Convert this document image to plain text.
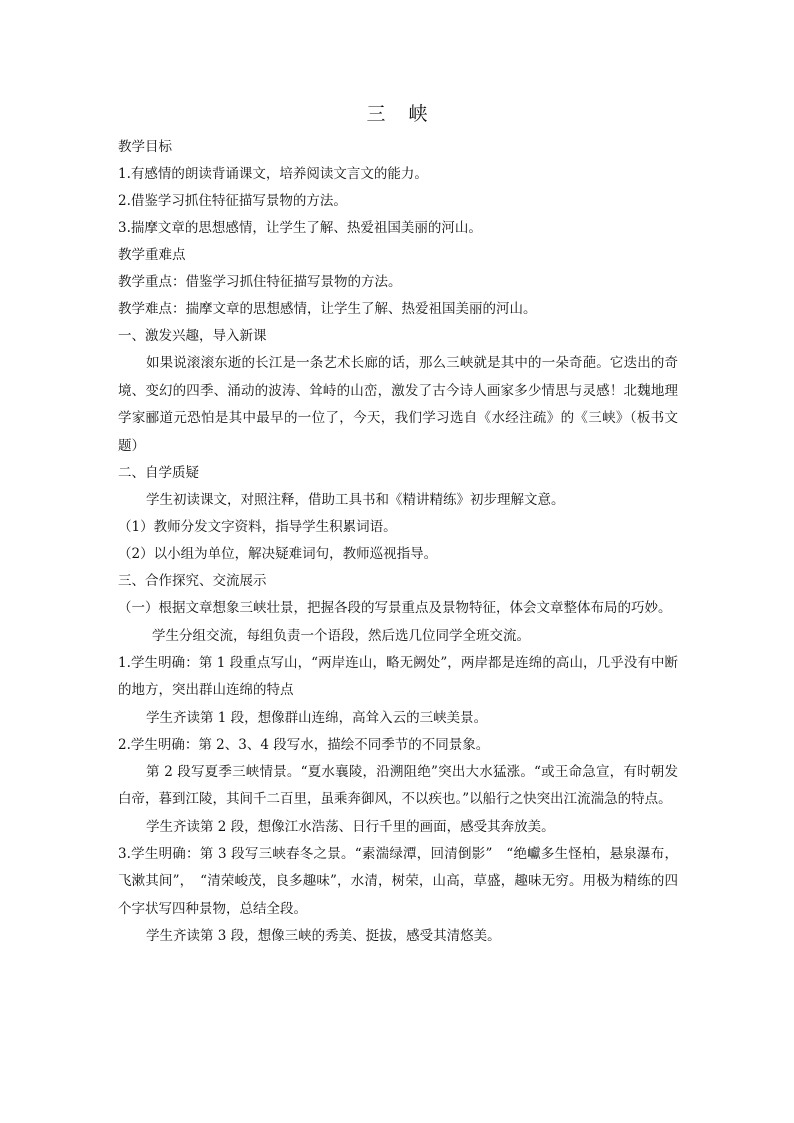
三　峡
教学目标
1.有感情的朗读背诵课文，培养阅读文言文的能力。
2.借鉴学习抓住特征描写景物的方法。
3.揣摩文章的思想感情，让学生了解、热爱祖国美丽的河山。
教学重难点
教学重点：借鉴学习抓住特征描写景物的方法。
教学难点：揣摩文章的思想感情，让学生了解、热爱祖国美丽的河山。
一、激发兴趣，导入新课
如果说滚滚东逝的长江是一条艺术长廊的话，那么三峡就是其中的一朵奇葩。它迭出的奇境、变幻的四季、涌动的波涛、耸峙的山峦，激发了古今诗人画家多少情思与灵感！北魏地理学家郦道元恐怕是其中最早的一位了，今天，我们学习选自《水经注疏》的《三峡》（板书文题）
二、自学质疑
学生初读课文，对照注释，借助工具书和《精讲精练》初步理解文意。
（1）教师分发文字资料，指导学生积累词语。
（2）以小组为单位，解决疑难词句，教师巡视指导。
三、合作探究、交流展示
（一）根据文章想象三峡壮景，把握各段的写景重点及景物特征，体会文章整体布局的巧妙。
学生分组交流，每组负责一个语段，然后选几位同学全班交流。
1.学生明确：第 1 段重点写山，“两岸连山，略无阙处”，两岸都是连绵的高山，几乎没有中断的地方，突出群山连绵的特点
学生齐读第 1 段，想像群山连绵，高耸入云的三峡美景。
2.学生明确：第 2、3、4 段写水，描绘不同季节的不同景象。
第 2 段写夏季三峡情景。“夏水襄陵，沿溯阻绝”突出大水猛涨。“或王命急宣，有时朝发白帝，暮到江陵，其间千二百里，虽乘奔御风，不以疾也。”以船行之快突出江流湍急的特点。
学生齐读第 2 段，想像江水浩荡、日行千里的画面，感受其奔放美。
3.学生明确：第 3 段写三峡春冬之景。“素湍绿潭，回清倒影”　“绝巘多生怪柏，悬泉瀑布，飞漱其间”，　“清荣峻茂，良多趣味”，水清，树荣，山高，草盛，趣味无穷。用极为精练的四个字状写四种景物，总结全段。
学生齐读第 3 段，想像三峡的秀美、挺拔，感受其清悠美。
